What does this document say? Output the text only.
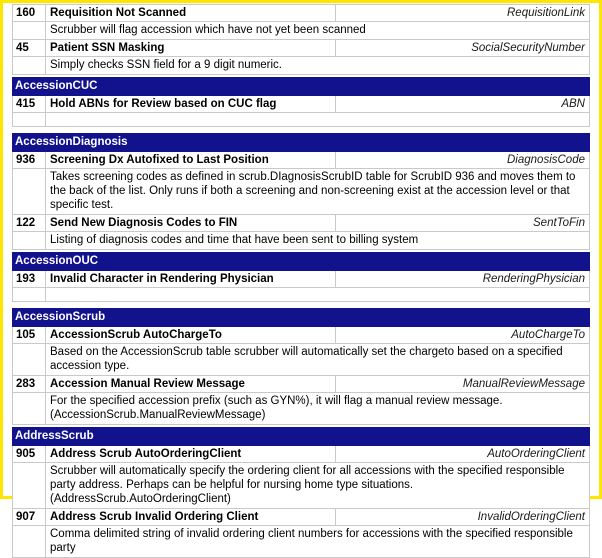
160	Requisition Not Scanned	RequisitionLink
Scrubber will flag accession which have not yet been scanned
45	Patient SSN Masking	SocialSecurityNumber
Simply checks SSN field for a 9 digit numeric.
AccessionCUC
415	Hold ABNs for Review based on CUC flag	ABN
AccessionDiagnosis
936	Screening Dx Autofixed to Last Position	DiagnosisCode
Takes screening codes as defined in scrub.DIagnosisScrubID table for ScrubID 936 and moves them to the back of the list. Only runs if both a screening and non-screening exist at the accession level or that specific test.
122	Send New Diagnosis Codes to FIN	SentToFin
Listing of diagnosis codes and time that have been sent to billing system
AccessionOUC
193	Invalid Character in Rendering Physician	RenderingPhysician
AccessionScrub
105	AccessionScrub AutoChargeTo	AutoChargeTo
Based on the AccessionScrub table scrubber will automatically set the chargeto based on a specified accession type.
283	Accession Manual Review Message	ManualReviewMessage
For the specified accession prefix (such as GYN%), it will flag a manual review message. (AccessionScrub.ManualReviewMessage)
AddressScrub
905	Address Scrub AutoOrderingClient	AutoOrderingClient
Scrubber will automatically specify the ordering client for all accessions with the specified responsible party address. Perhaps can be helpful for nursing home type situations. (AddressScrub.AutoOrderingClient)
907	Address Scrub Invalid Ordering Client	InvalidOrderingClient
Comma delimited string of invalid ordering client numbers for accessions with the specified responsible party
